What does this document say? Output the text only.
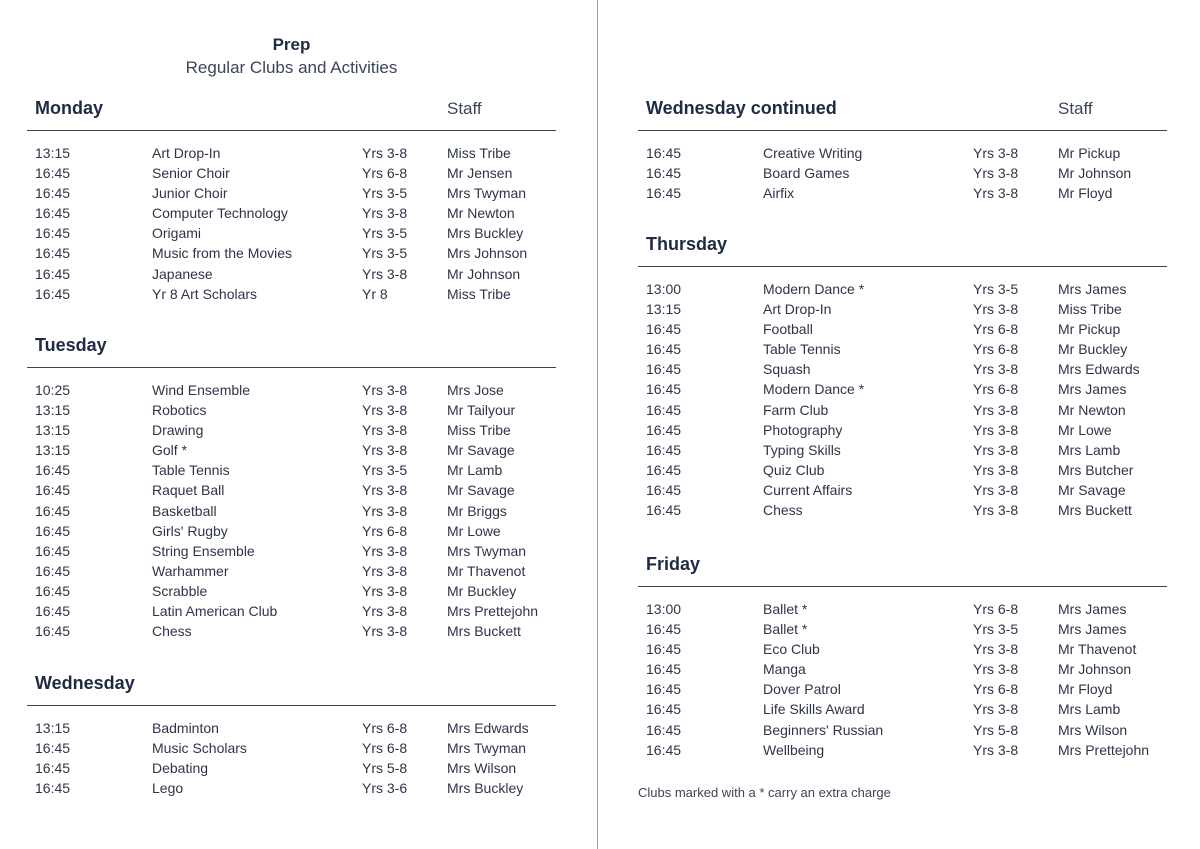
Prep
Regular Clubs and Activities
Monday	Staff
13:15	Art Drop-In	Yrs 3-8	Miss Tribe
16:45	Senior Choir	Yrs 6-8	Mr Jensen
16:45	Junior Choir	Yrs 3-5	Mrs Twyman
16:45	Computer Technology	Yrs 3-8	Mr Newton
16:45	Origami	Yrs 3-5	Mrs Buckley
16:45	Music from the Movies	Yrs 3-5	Mrs Johnson
16:45	Japanese	Yrs 3-8	Mr Johnson
16:45	Yr 8 Art Scholars	Yr 8	Miss Tribe
Tuesday
10:25	Wind Ensemble	Yrs 3-8	Mrs Jose
13:15	Robotics	Yrs 3-8	Mr Tailyour
13:15	Drawing	Yrs 3-8	Miss Tribe
13:15	Golf *	Yrs 3-8	Mr Savage
16:45	Table Tennis	Yrs 3-5	Mr Lamb
16:45	Raquet Ball	Yrs 3-8	Mr Savage
16:45	Basketball	Yrs 3-8	Mr Briggs
16:45	Girls' Rugby	Yrs 6-8	Mr Lowe
16:45	String Ensemble	Yrs 3-8	Mrs Twyman
16:45	Warhammer	Yrs 3-8	Mr Thavenot
16:45	Scrabble	Yrs 3-8	Mr Buckley
16:45	Latin American Club	Yrs 3-8	Mrs Prettejohn
16:45	Chess	Yrs 3-8	Mrs Buckett
Wednesday
13:15	Badminton	Yrs 6-8	Mrs Edwards
16:45	Music Scholars	Yrs 6-8	Mrs Twyman
16:45	Debating	Yrs 5-8	Mrs Wilson
16:45	Lego	Yrs 3-6	Mrs Buckley	Clubs marked with a * carry an extra charge
Wednesday continued	Staff
16:45	Creative Writing	Yrs 3-8	Mr Pickup
16:45	Board Games	Yrs 3-8	Mr Johnson
16:45	Airfix	Yrs 3-8	Mr Floyd
Thursday
13:00	Modern Dance *	Yrs 3-5	Mrs James
13:15	Art Drop-In	Yrs 3-8	Miss Tribe
16:45	Football	Yrs 6-8	Mr Pickup
16:45	Table Tennis	Yrs 6-8	Mr Buckley
16:45	Squash	Yrs 3-8	Mrs Edwards
16:45	Modern Dance *	Yrs 6-8	Mrs James
16:45	Farm Club	Yrs 3-8	Mr Newton
16:45	Photography	Yrs 3-8	Mr Lowe
16:45	Typing Skills	Yrs 3-8	Mrs Lamb
16:45	Quiz Club	Yrs 3-8	Mrs Butcher
16:45	Current Affairs	Yrs 3-8	Mr Savage
16:45	Chess	Yrs 3-8	Mrs Buckett
Friday
13:00	Ballet *	Yrs 6-8	Mrs James
16:45	Ballet *	Yrs 3-5	Mrs James
16:45	Eco Club	Yrs 3-8	Mr Thavenot
16:45	Manga	Yrs 3-8	Mr Johnson
16:45	Dover Patrol	Yrs 6-8	Mr Floyd
16:45	Life Skills Award	Yrs 3-8	Mrs Lamb
16:45	Beginners' Russian	Yrs 5-8	Mrs Wilson
16:45	Wellbeing	Yrs 3-8	Mrs Prettejohn
